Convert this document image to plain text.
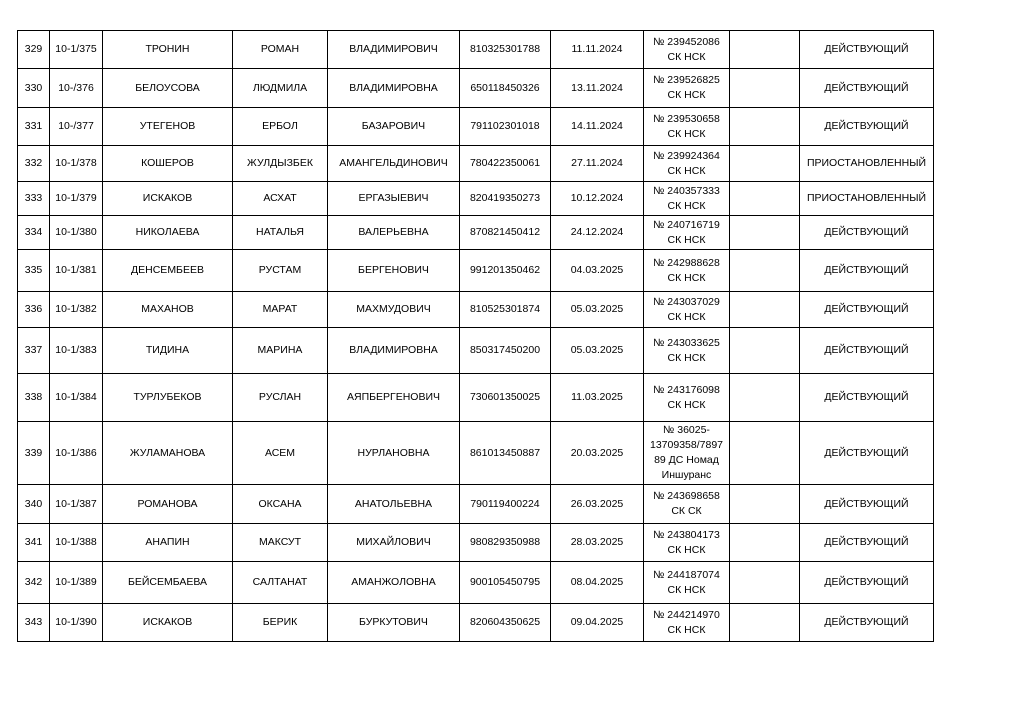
329	10-1/375	ТРОНИН	РОМАН	ВЛАДИМИРОВИЧ	810325301788	11.11.2024	№ 239452086
СК НСК		ДЕЙСТВУЮЩИЙ
330	10-/376	БЕЛОУСОВА	ЛЮДМИЛА	ВЛАДИМИРОВНА	650118450326	13.11.2024	№ 239526825
СК НСК		ДЕЙСТВУЮЩИЙ
331	10-/377	УТЕГЕНОВ	ЕРБОЛ	БАЗАРОВИЧ	791102301018	14.11.2024	№ 239530658
СК НСК		ДЕЙСТВУЮЩИЙ
332	10-1/378	КОШЕРОВ	ЖУЛДЫЗБЕК	АМАНГЕЛЬДИНОВИЧ	780422350061	27.11.2024	№ 239924364
СК НСК		ПРИОСТАНОВЛЕННЫЙ
333	10-1/379	ИСКАКОВ	АСХАТ	ЕРГАЗЫЕВИЧ	820419350273	10.12.2024	№ 240357333
СК НСК		ПРИОСТАНОВЛЕННЫЙ
334	10-1/380	НИКОЛАЕВА	НАТАЛЬЯ	ВАЛЕРЬЕВНА	870821450412	24.12.2024	№ 240716719
СК НСК		ДЕЙСТВУЮЩИЙ
335	10-1/381	ДЕНСЕМБЕЕВ	РУСТАМ	БЕРГЕНОВИЧ	991201350462	04.03.2025	№ 242988628
СК НСК		ДЕЙСТВУЮЩИЙ
336	10-1/382	МАХАНОВ	МАРАТ	МАХМУДОВИЧ	810525301874	05.03.2025	№ 243037029
СК НСК		ДЕЙСТВУЮЩИЙ
337	10-1/383	ТИДИНА	МАРИНА	ВЛАДИМИРОВНА	850317450200	05.03.2025	№ 243033625
СК НСК		ДЕЙСТВУЮЩИЙ
338	10-1/384	ТУРЛУБЕКОВ	РУСЛАН	АЯПБЕРГЕНОВИЧ	730601350025	11.03.2025	№ 243176098
СК НСК		ДЕЙСТВУЮЩИЙ
339	10-1/386	ЖУЛАМАНОВА	АСЕМ	НУРЛАНОВНА	861013450887	20.03.2025	№ 36025-
13709358/7897
89 ДС Номад
Иншуранс		ДЕЙСТВУЮЩИЙ
340	10-1/387	РОМАНОВА	ОКСАНА	АНАТОЛЬЕВНА	790119400224	26.03.2025	№ 243698658
СК СК		ДЕЙСТВУЮЩИЙ
341	10-1/388	АНАПИН	МАКСУТ	МИХАЙЛОВИЧ	980829350988	28.03.2025	№ 243804173
СК НСК		ДЕЙСТВУЮЩИЙ
342	10-1/389	БЕЙСЕМБАЕВА	САЛТАНАТ	АМАНЖОЛОВНА	900105450795	08.04.2025	№ 244187074
СК НСК		ДЕЙСТВУЮЩИЙ
343	10-1/390	ИСКАКОВ	БЕРИК	БУРКУТОВИЧ	820604350625	09.04.2025	№ 244214970
СК НСК		ДЕЙСТВУЮЩИЙ
